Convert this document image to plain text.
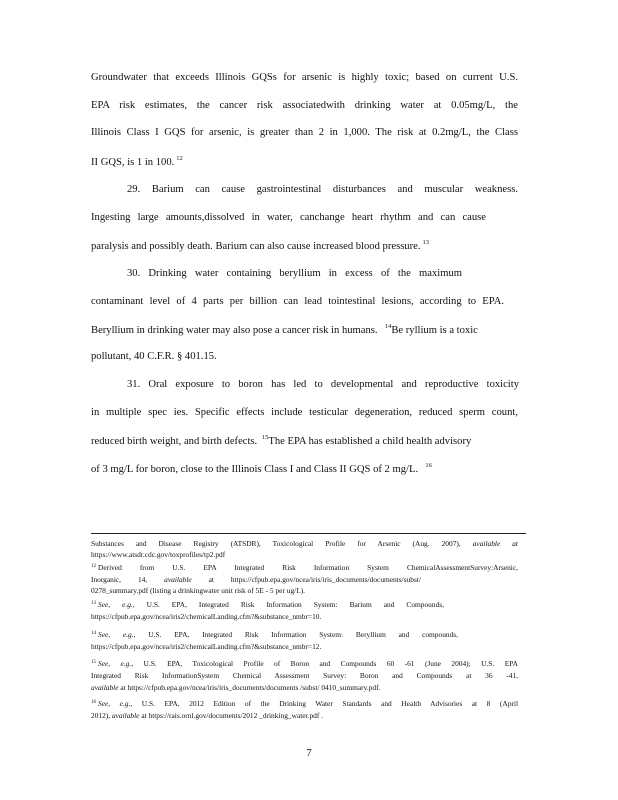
Groundwater that exceeds Illinois GQSs for arsenic is highly toxic; based on current U.S.
EPA risk estimates, the cancer risk associatedwith drinking water at 0.05mg/L, the
Illinois Class I GQS for arsenic, is greater than 2 in 1,000. The risk at 0.2mg/L, the Class
II GQS, is 1 in 100. $^{12}$
29. Barium can cause gastrointestinal disturbances and muscular weakness.
Ingesting large amounts,dissolved in water, canchange heart rhythm and can cause
paralysis and possibly death. Barium can also cause increased blood pressure. $^{13}$
30. Drinking water containing beryllium in excess of the maximum
contaminant level of 4 parts per billion can lead tointestinal lesions, according to EPA.
Beryllium in drinking water may also pose a cancer risk in humans. $^{14}$Be ryllium is a toxic
pollutant, 40 C.F.R. § 401.15.
31. Oral exposure to boron has led to developmental and reproductive toxicity
in multiple spec ies. Specific effects include testicular degeneration, reduced sperm count,
reduced birth weight, and birth defects. $^{15}$The EPA has established a child health advisory
of 3 mg/L for boron, close to the Illinois Class I and Class II GQS of 2 mg/L. $^{16}$
Substances and Disease Registry (ATSDR), Toxicological Profile for Arsenic (Aug. 2007), available at
https://www.atsdr.cdc.gov/toxprofiles/tp2.pdf
$^{12}$ Derived from U.S. EPA Integrated Risk Information System ChemicalAssessmentSurvey:Arsenic,
Inorganic, 14, available at https://cfpub.epa.gov/ncea/iris/iris_documents/documents/subst/
0278_summary.pdf (listing a drinkingwater unit risk of 5E - 5 per ug/L).
$^{13}$ See, e.g., U.S. EPA, Integrated Risk Information System: Barium and Compounds,
https://cfpub.epa.gov/ncea/iris2/chemicalLanding.cfm?&substance_nmbr=10.
$^{14}$ See, e.g., U.S. EPA, Integrated Risk Information System: Beryllium and compounds,
https://cfpub.epa.gov/ncea/iris2/chemicalLanding.cfm?&substance_nmbr=12.
$^{15}$ See, e.g., U.S. EPA, Toxicological Profile of Boron and Compounds 60 -61 (June 2004); U.S. EPA
Integrated Risk InformationSystem Chemical Assessment Survey: Boron and Compounds at 36 -41,
available at https://cfpub.epa.gov/ncea/iris/iris_documents/documents /subst/ 0410_summary.pdf.
$^{16}$ See, e.g., U.S. EPA, 2012 Edition of the Drinking Water Standards and Health Advisories at 8 (April
2012), available at https://rais.ornl.gov/documents/2012 _drinking_water.pdf .
7
